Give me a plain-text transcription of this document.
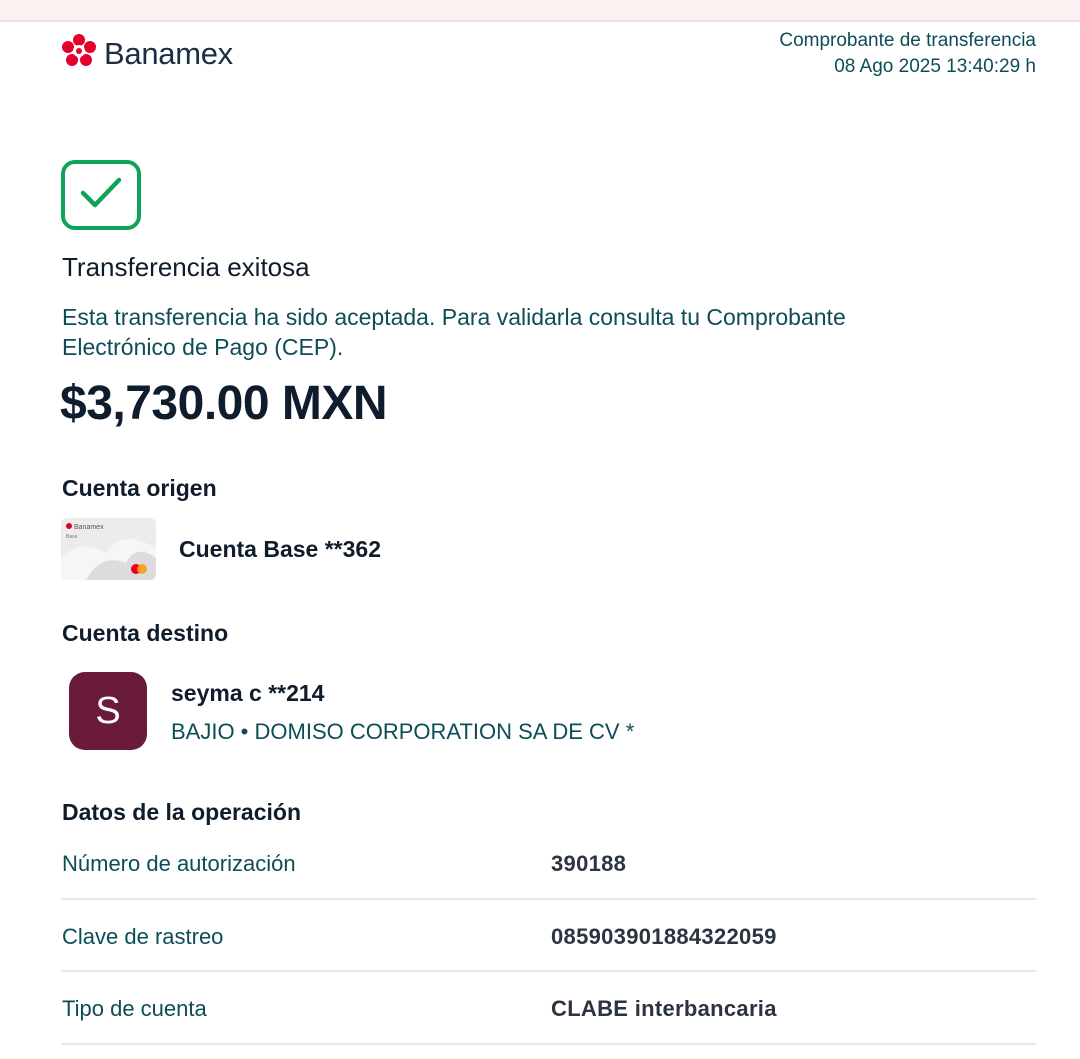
Banamex	Comprobante de transferencia
08 Ago 2025 13:40:29 h
Transferencia exitosa
Esta transferencia ha sido aceptada. Para validarla consulta tu Comprobante Electrónico de Pago (CEP).
$3,730.00 MXN
Cuenta origen
Banamex
Base	Cuenta Base **362
Cuenta destino
S	seyma c **214
BAJIO • DOMISO CORPORATION SA DE CV *
Datos de la operación
Número de autorización	390188
Clave de rastreo	085903901884322059
Tipo de cuenta	CLABE interbancaria
